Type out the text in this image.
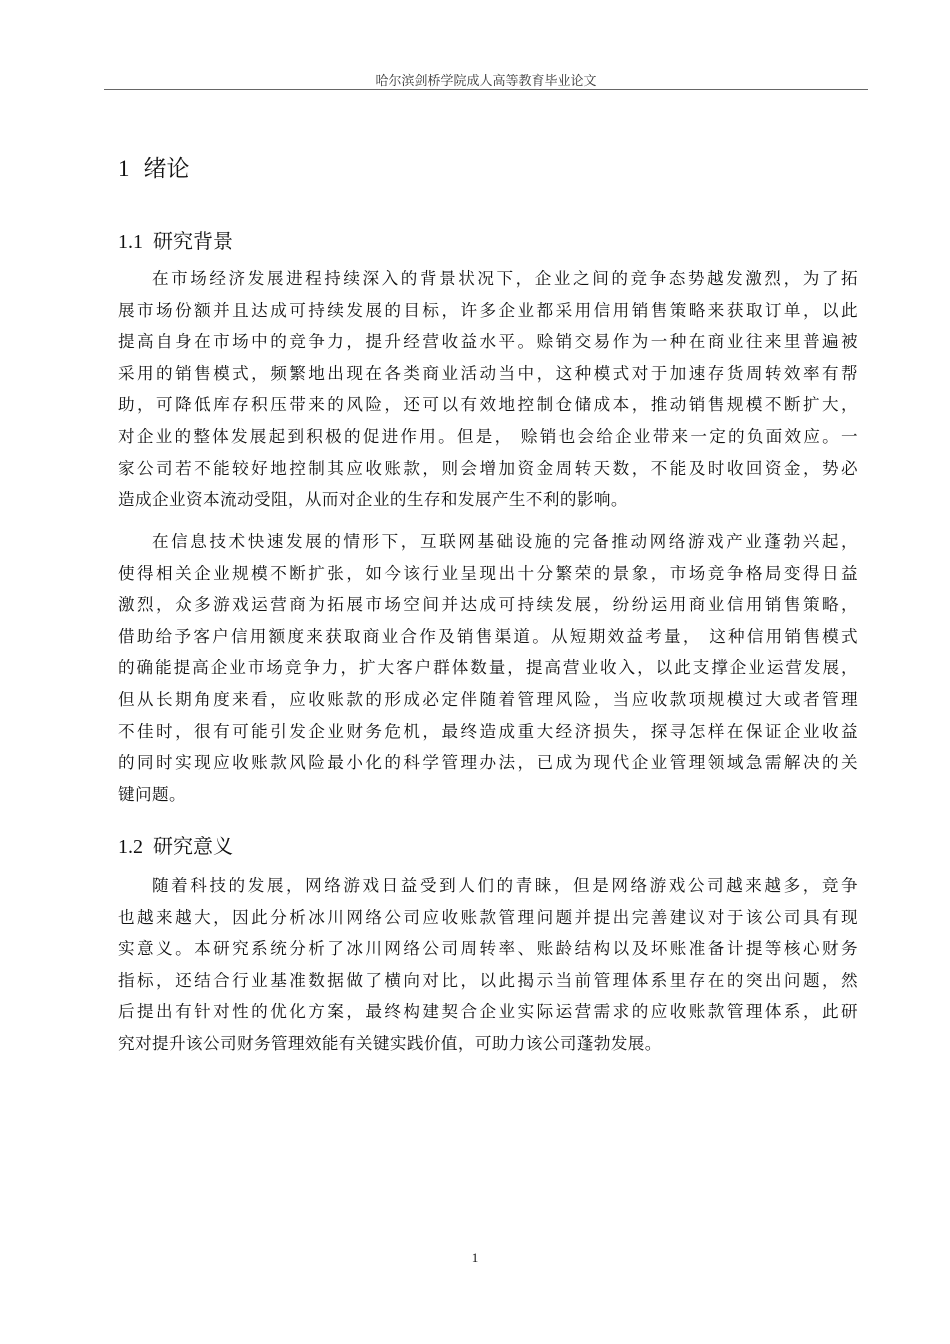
哈尔滨剑桥学院成人高等教育毕业论文
1 绪论
1.1 研究背景
在市场经济发展进程持续深入的背景状况下，企业之间的竞争态势越发激烈，为了拓
展市场份额并且达成可持续发展的目标，许多企业都采用信用销售策略来获取订单，以此
提高自身在市场中的竞争力，提升经营收益水平。赊销交易作为一种在商业往来里普遍被
采用的销售模式，频繁地出现在各类商业活动当中，这种模式对于加速存货周转效率有帮
助，可降低库存积压带来的风险，还可以有效地控制仓储成本，推动销售规模不断扩大，
对企业的整体发展起到积极的促进作用。但是， 赊销也会给企业带来一定的负面效应。一
家公司若不能较好地控制其应收账款，则会增加资金周转天数，不能及时收回资金，势必
造成企业资本流动受阻，从而对企业的生存和发展产生不利的影响。
在信息技术快速发展的情形下，互联网基础设施的完备推动网络游戏产业蓬勃兴起，
使得相关企业规模不断扩张，如今该行业呈现出十分繁荣的景象，市场竞争格局变得日益
激烈，众多游戏运营商为拓展市场空间并达成可持续发展，纷纷运用商业信用销售策略，
借助给予客户信用额度来获取商业合作及销售渠道。从短期效益考量， 这种信用销售模式
的确能提高企业市场竞争力，扩大客户群体数量，提高营业收入，以此支撑企业运营发展，
但从长期角度来看，应收账款的形成必定伴随着管理风险，当应收款项规模过大或者管理
不佳时，很有可能引发企业财务危机，最终造成重大经济损失，探寻怎样在保证企业收益
的同时实现应收账款风险最小化的科学管理办法，已成为现代企业管理领域急需解决的关
键问题。
1.2 研究意义
随着科技的发展，网络游戏日益受到人们的青睐，但是网络游戏公司越来越多，竞争
也越来越大，因此分析冰川网络公司应收账款管理问题并提出完善建议对于该公司具有现
实意义。本研究系统分析了冰川网络公司周转率、账龄结构以及坏账准备计提等核心财务
指标，还结合行业基准数据做了横向对比，以此揭示当前管理体系里存在的突出问题，然
后提出有针对性的优化方案，最终构建契合企业实际运营需求的应收账款管理体系，此研
究对提升该公司财务管理效能有关键实践价值，可助力该公司蓬勃发展。
1
